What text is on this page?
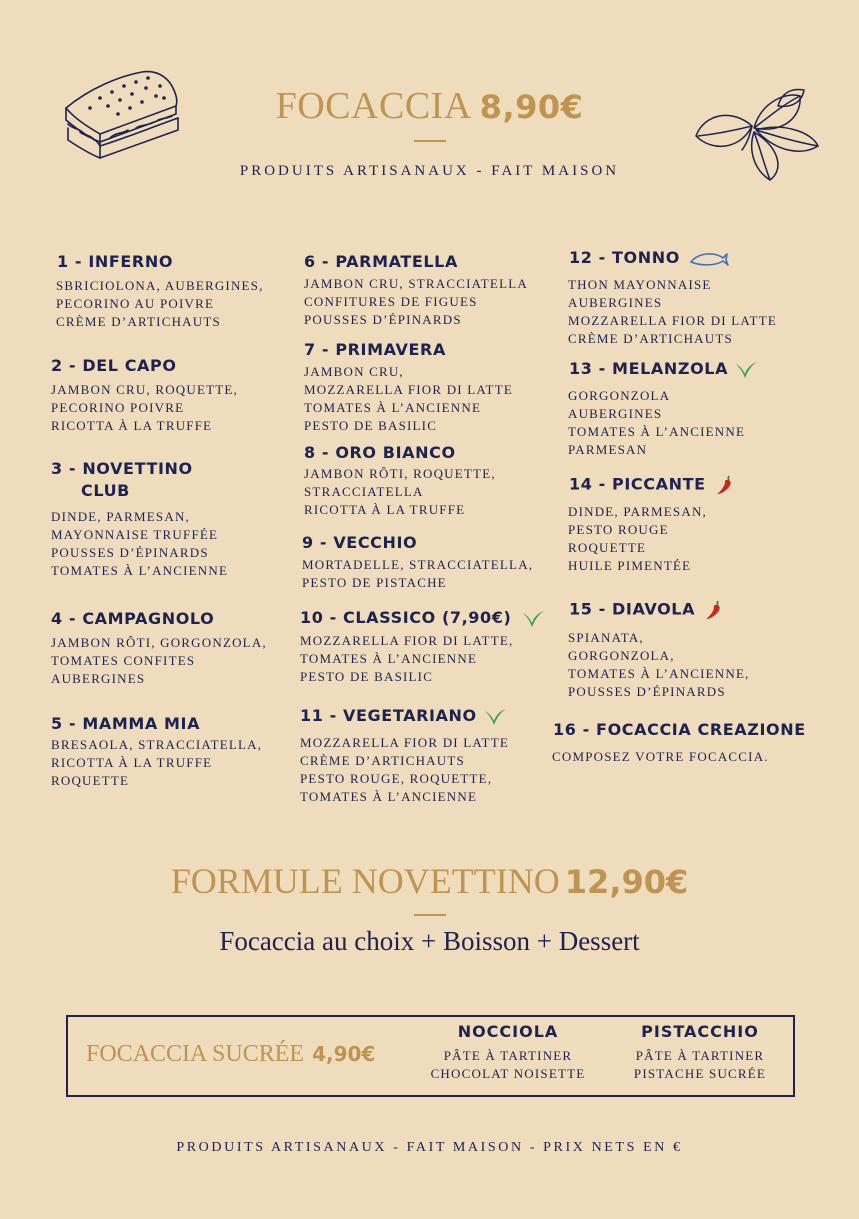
FOCACCIA 8,90€
PRODUITS ARTISANAUX - FAIT MAISON
1 - INFERNO
SBRICIOLONA, AUBERGINES,
PECORINO AU POIVRE
CRÈME D’ARTICHAUTS
2 - DEL CAPO
JAMBON CRU, ROQUETTE,
PECORINO POIVRE
RICOTTA À LA TRUFFE
3 - NOVETTINO
CLUB
DINDE, PARMESAN,
MAYONNAISE TRUFFÉE
POUSSES D’ÉPINARDS
TOMATES À L’ANCIENNE
4 - CAMPAGNOLO
JAMBON RÔTI, GORGONZOLA,
TOMATES CONFITES
AUBERGINES
5 - MAMMA MIA
BRESAOLA, STRACCIATELLA,
RICOTTA À LA TRUFFE
ROQUETTE
6 - PARMATELLA
JAMBON CRU, STRACCIATELLA
CONFITURES DE FIGUES
POUSSES D’ÉPINARDS
7 - PRIMAVERA
JAMBON CRU,
MOZZARELLA FIOR DI LATTE
TOMATES À L’ANCIENNE
PESTO DE BASILIC
8 - ORO BIANCO
JAMBON RÔTI, ROQUETTE,
STRACCIATELLA
RICOTTA À LA TRUFFE
9 - VECCHIO
MORTADELLE, STRACCIATELLA,
PESTO DE PISTACHE
10 - CLASSICO (7,90€)
MOZZARELLA FIOR DI LATTE,
TOMATES À L’ANCIENNE
PESTO DE BASILIC
11 - VEGETARIANO
MOZZARELLA FIOR DI LATTE
CRÈME D’ARTICHAUTS
PESTO ROUGE, ROQUETTE,
TOMATES À L’ANCIENNE
12 - TONNO
THON MAYONNAISE
AUBERGINES
MOZZARELLA FIOR DI LATTE
CRÈME D’ARTICHAUTS
13 - MELANZOLA
GORGONZOLA
AUBERGINES
TOMATES À L’ANCIENNE
PARMESAN
14 - PICCANTE
DINDE, PARMESAN,
PESTO ROUGE
ROQUETTE
HUILE PIMENTÉE
15 - DIAVOLA
SPIANATA,
GORGONZOLA,
TOMATES À L’ANCIENNE,
POUSSES D’ÉPINARDS
16 - FOCACCIA CREAZIONE
COMPOSEZ VOTRE FOCACCIA.
FORMULE NOVETTINO 12,90€
Focaccia au choix + Boisson + Dessert
FOCACCIA SUCRÉE 4,90€
NOCCIOLA
PÂTE À TARTINER
CHOCOLAT NOISETTE
PISTACCHIO
PÂTE À TARTINER
PISTACHE SUCRÉE
PRODUITS ARTISANAUX - FAIT MAISON - PRIX NETS EN €
